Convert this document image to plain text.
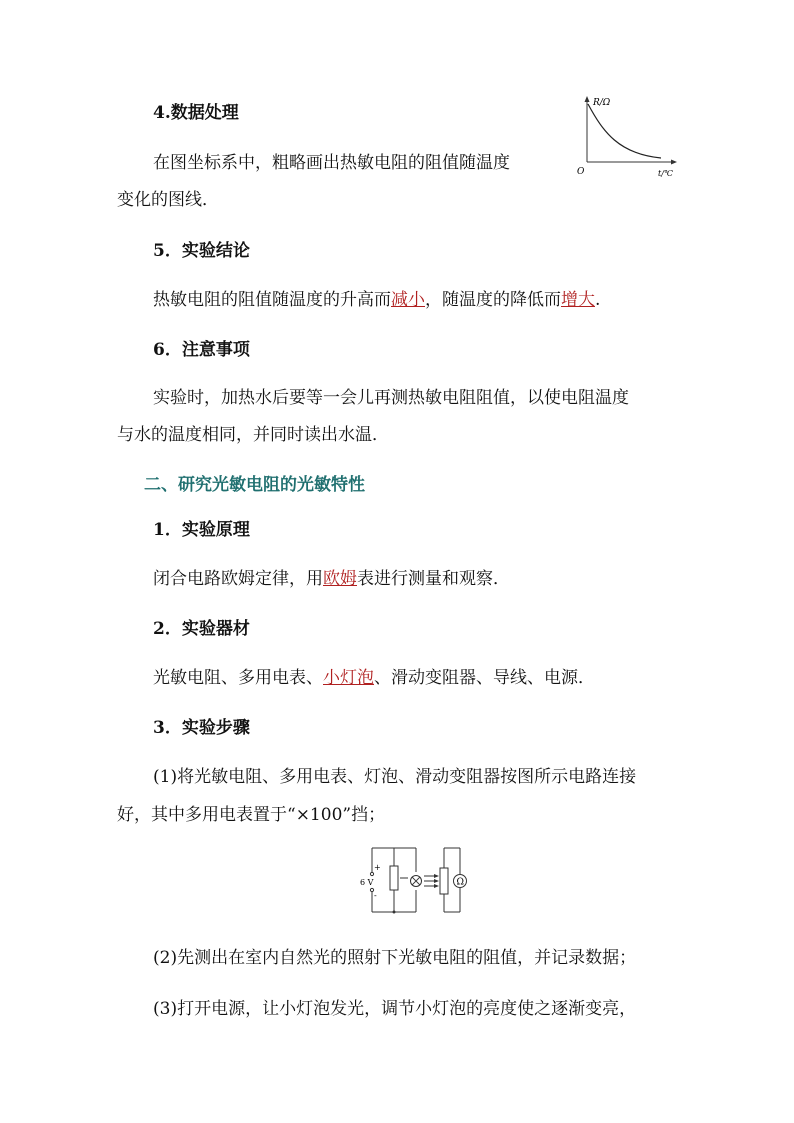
4.数据处理
在图坐标系中，粗略画出热敏电阻的阻值随温度
变化的图线．
R/Ω
O	t/℃
5．实验结论
热敏电阻的阻值随温度的升高而减小，随温度的降低而增大.
6．注意事项
实验时，加热水后要等一会儿再测热敏电阻阻值，以使电阻温度
与水的温度相同，并同时读出水温．
二、研究光敏电阻的光敏特性
1．实验原理
闭合电路欧姆定律，用欧姆表进行测量和观察．
2．实验器材
光敏电阻、多用电表、小灯泡、滑动变阻器、导线、电源．
3．实验步骤
(1)将光敏电阻、多用电表、灯泡、滑动变阻器按图所示电路连接
好，其中多用电表置于“×100”挡；
+
6 V
-
Ω
(2)先测出在室内自然光的照射下光敏电阻的阻值，并记录数据；
(3)打开电源，让小灯泡发光，调节小灯泡的亮度使之逐渐变亮，
